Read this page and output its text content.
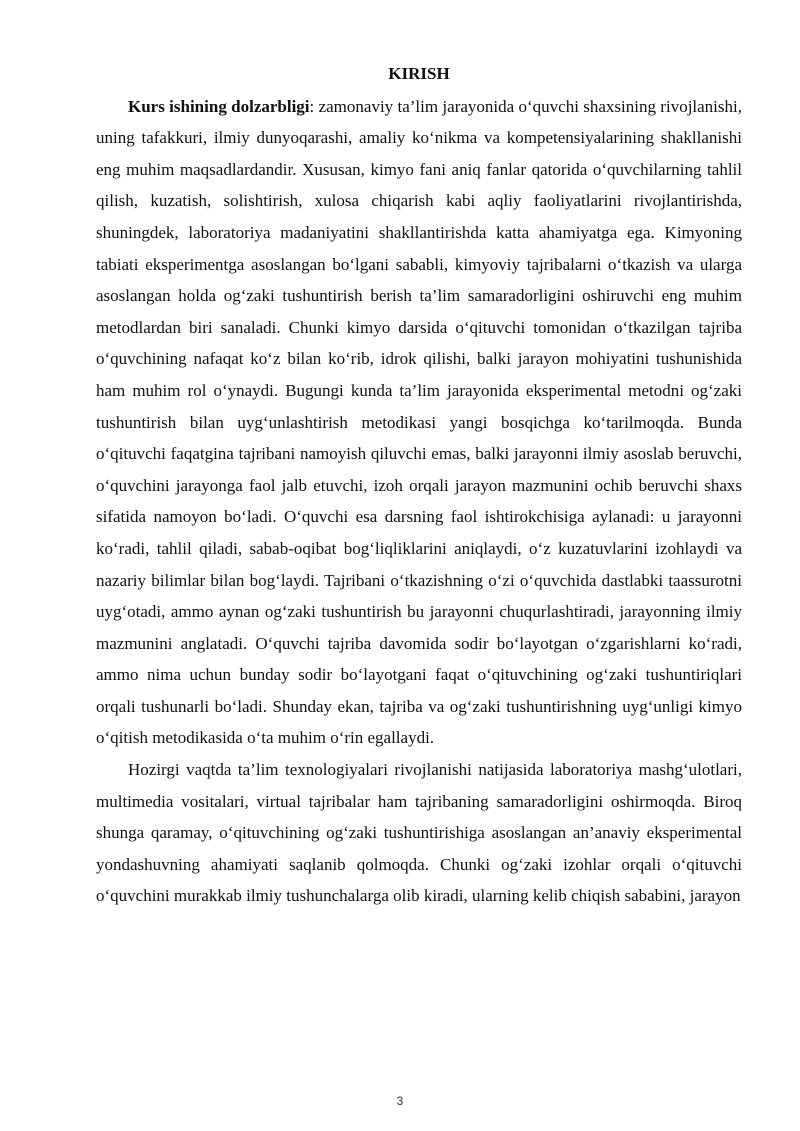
KIRISH

Kurs ishining dolzarbligi: zamonaviy ta’lim jarayonida o‘quvchi shaxsining rivojlanishi, uning tafakkuri, ilmiy dunyoqarashi, amaliy ko‘nikma va kompetensiyalarining shakllanishi eng muhim maqsadlardandir. Xususan, kimyo fani aniq fanlar qatorida o‘quvchilarning tahlil qilish, kuzatish, solishtirish, xulosa chiqarish kabi aqliy faoliyatlarini rivojlantirishda, shuningdek, laboratoriya madaniyatini shakllantirishda katta ahamiyatga ega. Kimyoning tabiati eksperimentga asoslangan bo‘lgani sababli, kimyoviy tajribalarni o‘tkazish va ularga asoslangan holda og‘zaki tushuntirish berish ta’lim samaradorligini oshiruvchi eng muhim metodlardan biri sanaladi. Chunki kimyo darsida o‘qituvchi tomonidan o‘tkazilgan tajriba o‘quvchining nafaqat ko‘z bilan ko‘rib, idrok qilishi, balki jarayon mohiyatini tushunishida ham muhim rol o‘ynaydi. Bugungi kunda ta’lim jarayonida eksperimental metodni og‘zaki tushuntirish bilan uyg‘unlashtirish metodikasi yangi bosqichga ko‘tarilmoqda. Bunda o‘qituvchi faqatgina tajribani namoyish qiluvchi emas, balki jarayonni ilmiy asoslab beruvchi, o‘quvchini jarayonga faol jalb etuvchi, izoh orqali jarayon mazmunini ochib beruvchi shaxs sifatida namoyon bo‘ladi. O‘quvchi esa darsning faol ishtirokchisiga aylanadi: u jarayonni ko‘radi, tahlil qiladi, sabab-oqibat bog‘liqliklarini aniqlaydi, o‘z kuzatuvlarini izohlaydi va nazariy bilimlar bilan bog‘laydi. Tajribani o‘tkazishning o‘zi o‘quvchida dastlabki taassurotni uyg‘otadi, ammo aynan og‘zaki tushuntirish bu jarayonni chuqurlashtiradi, jarayonning ilmiy mazmunini anglatadi. O‘quvchi tajriba davomida sodir bo‘layotgan o‘zgarishlarni ko‘radi, ammo nima uchun bunday sodir bo‘layotgani faqat o‘qituvchining og‘zaki tushuntiriqlari orqali tushunarli bo‘ladi. Shunday ekan, tajriba va og‘zaki tushuntirishning uyg‘unligi kimyo o‘qitish metodikasida o‘ta muhim o‘rin egallaydi.

Hozirgi vaqtda ta’lim texnologiyalari rivojlanishi natijasida laboratoriya mashg‘ulotlari, multimedia vositalari, virtual tajribalar ham tajribaning samaradorligini oshirmoqda. Biroq shunga qaramay, o‘qituvchining og‘zaki tushuntirishiga asoslangan an’anaviy eksperimental yondashuvning ahamiyati saqlanib qolmoqda. Chunki og‘zaki izohlar orqali o‘qituvchi o‘quvchini murakkab ilmiy tushunchalarga olib kiradi, ularning kelib chiqish sababini, jarayon

3
